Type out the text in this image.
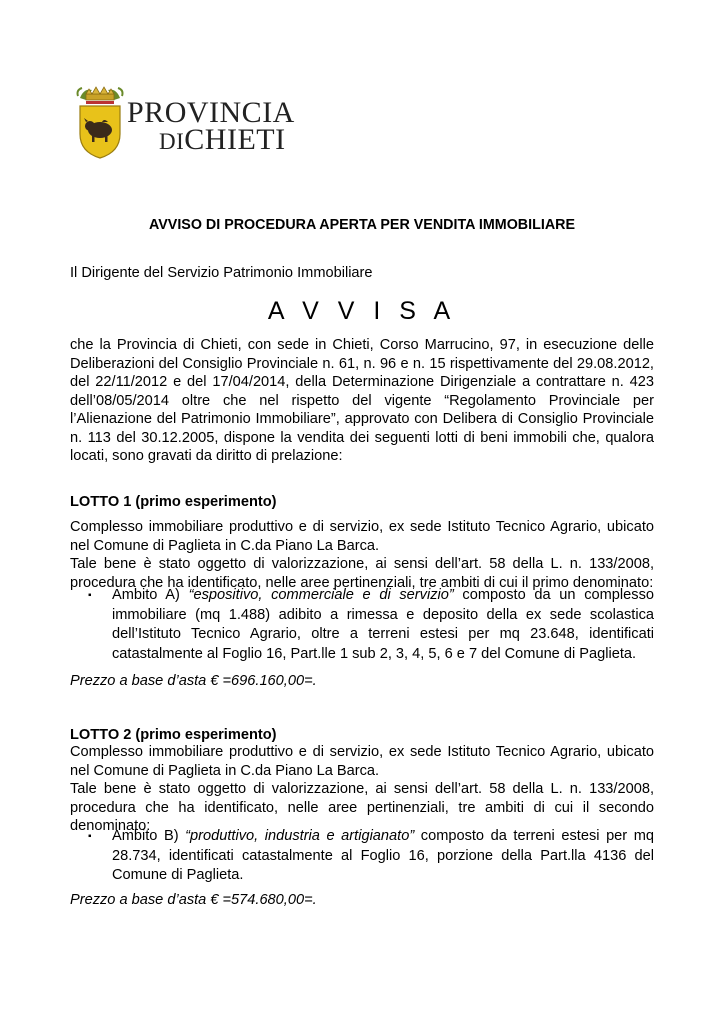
PROVINCIA
DICHIETI
AVVISO DI PROCEDURA APERTA PER VENDITA IMMOBILIARE
Il Dirigente del Servizio Patrimonio Immobiliare
A V V I S A
che la Provincia di Chieti, con sede in Chieti, Corso Marrucino, 97, in esecuzione delle
Deliberazioni del Consiglio Provinciale n. 61, n. 96 e n. 15 rispettivamente del 29.08.2012,
del 22/11/2012 e del 17/04/2014, della Determinazione Dirigenziale a contrattare n. 423
dell’08/05/2014 oltre che nel rispetto del vigente “Regolamento Provinciale per
l’Alienazione del Patrimonio Immobiliare”, approvato con Delibera di Consiglio Provinciale
n. 113 del 30.12.2005, dispone la vendita dei seguenti lotti di beni immobili che, qualora
locati, sono gravati da diritto di prelazione:
LOTTO 1 (primo esperimento)
Complesso immobiliare produttivo e di servizio, ex sede Istituto Tecnico Agrario, ubicato
nel Comune di Paglieta in C.da Piano La Barca.
Tale bene è stato oggetto di valorizzazione, ai sensi dell’art. 58 della L. n. 133/2008,
procedura che ha identificato, nelle aree pertinenziali, tre ambiti di cui il primo denominato:
▪ Ambito A) “espositivo, commerciale e di servizio” composto da un complesso
immobiliare (mq 1.488) adibito a rimessa e deposito della ex sede scolastica
dell’Istituto Tecnico Agrario, oltre a terreni estesi per mq 23.648, identificati
catastalmente al Foglio 16, Part.lle 1 sub 2, 3, 4, 5, 6 e 7 del Comune di Paglieta.
Prezzo a base d’asta € =696.160,00=.
LOTTO 2 (primo esperimento)
Complesso immobiliare produttivo e di servizio, ex sede Istituto Tecnico Agrario, ubicato
nel Comune di Paglieta in C.da Piano La Barca.
Tale bene è stato oggetto di valorizzazione, ai sensi dell’art. 58 della L. n. 133/2008,
procedura che ha identificato, nelle aree pertinenziali, tre ambiti di cui il secondo
denominato:
▪ Ambito B) “produttivo, industria e artigianato” composto da terreni estesi per mq
28.734, identificati catastalmente al Foglio 16, porzione della Part.lla 4136 del
Comune di Paglieta.
Prezzo a base d’asta € =574.680,00=.
